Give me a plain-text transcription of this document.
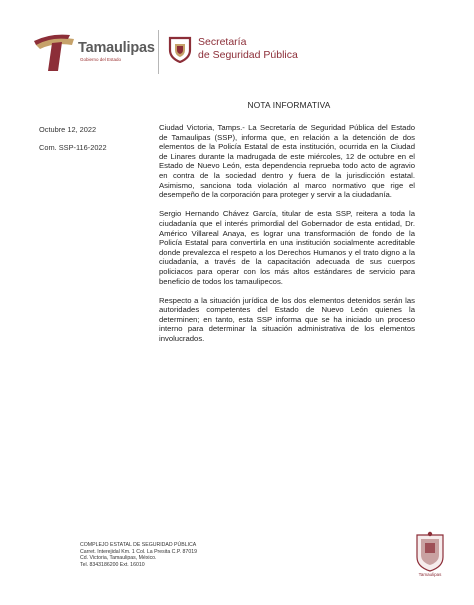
Tamaulipas
Gobierno del Estado
Secretaría
de Seguridad Pública
NOTA INFORMATIVA
Octubre 12, 2022
Com. SSP-116-2022

Ciudad Victoria, Tamps.- La Secretaría de Seguridad Pública del Estado de Tamaulipas (SSP), informa que, en relación a la detención de dos elementos de la Policía Estatal de esta institución, ocurrida en la Ciudad de Linares durante la madrugada de este miércoles, 12 de octubre en el Estado de Nuevo León, esta dependencia reprueba todo acto de agravio en contra de la sociedad dentro y fuera de la jurisdicción estatal. Asimismo, sanciona toda violación al marco normativo que rige el desempeño de la corporación para proteger y servir a la ciudadanía.

Sergio Hernando Chávez García, titular de esta SSP, reitera a toda la ciudadanía que el interés primordial del Gobernador de esta entidad, Dr. Américo Villareal Anaya, es lograr una transformación de fondo de la Policía Estatal para convertirla en una institución socialmente acreditable donde prevalezca el respeto a los Derechos Humanos y el trato digno a la ciudadanía, a través de la capacitación adecuada de sus cuerpos policiacos para operar con los más altos estándares de servicio para beneficio de todos los tamaulipecos.

Respecto a la situación jurídica de los dos elementos detenidos serán las autoridades competentes del Estado de Nuevo León quienes la determinen; en tanto, esta SSP informa que se ha iniciado un proceso interno para determinar la situación administrativa de los elementos involucrados.

COMPLEJO ESTATAL DE SEGURIDAD PÚBLICA
Carret. Interejidal Km. 1 Col. La Presita C.P. 87019
Cd. Victoria, Tamaulipas, México.
Tel. 8343186200 Ext. 16010
Tamaulipas
